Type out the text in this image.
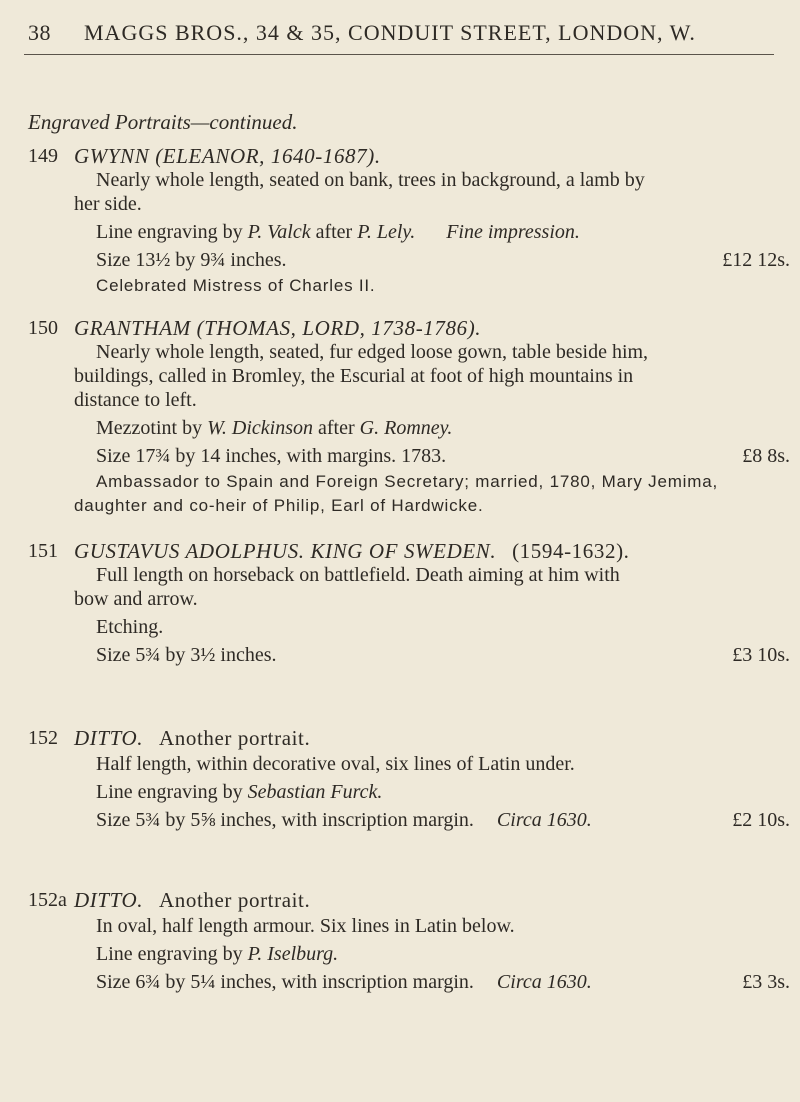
38 MAGGS BROS., 34 & 35, CONDUIT STREET, LONDON, W.
Engraved Portraits—continued.
149 GWYNN (ELEANOR, 1640-1687).
Nearly whole length, seated on bank, trees in background, a lamb by
her side.
Line engraving by P. Valck after P. Lely. Fine impression.
Size 13½ by 9¾ inches.	£12 12s.
Celebrated Mistress of Charles II.
150 GRANTHAM (THOMAS, LORD, 1738-1786).
Nearly whole length, seated, fur edged loose gown, table beside him,
buildings, called in Bromley, the Escurial at foot of high mountains in
distance to left.
Mezzotint by W. Dickinson after G. Romney.
Size 17¾ by 14 inches, with margins. 1783.	£8 8s.
Ambassador to Spain and Foreign Secretary; married, 1780, Mary Jemima,
daughter and co-heir of Philip, Earl of Hardwicke.
151 GUSTAVUS ADOLPHUS. KING OF SWEDEN. (1594-1632).
Full length on horseback on battlefield. Death aiming at him with
bow and arrow.
Etching.
Size 5¾ by 3½ inches.	£3 10s.
152 DITTO. Another portrait.
Half length, within decorative oval, six lines of Latin under.
Line engraving by Sebastian Furck.
Size 5¾ by 5⅝ inches, with inscription margin. Circa 1630.	£2 10s.
152a DITTO. Another portrait.
In oval, half length armour. Six lines in Latin below.
Line engraving by P. Iselburg.
Size 6¾ by 5¼ inches, with inscription margin. Circa 1630.	£3 3s.
